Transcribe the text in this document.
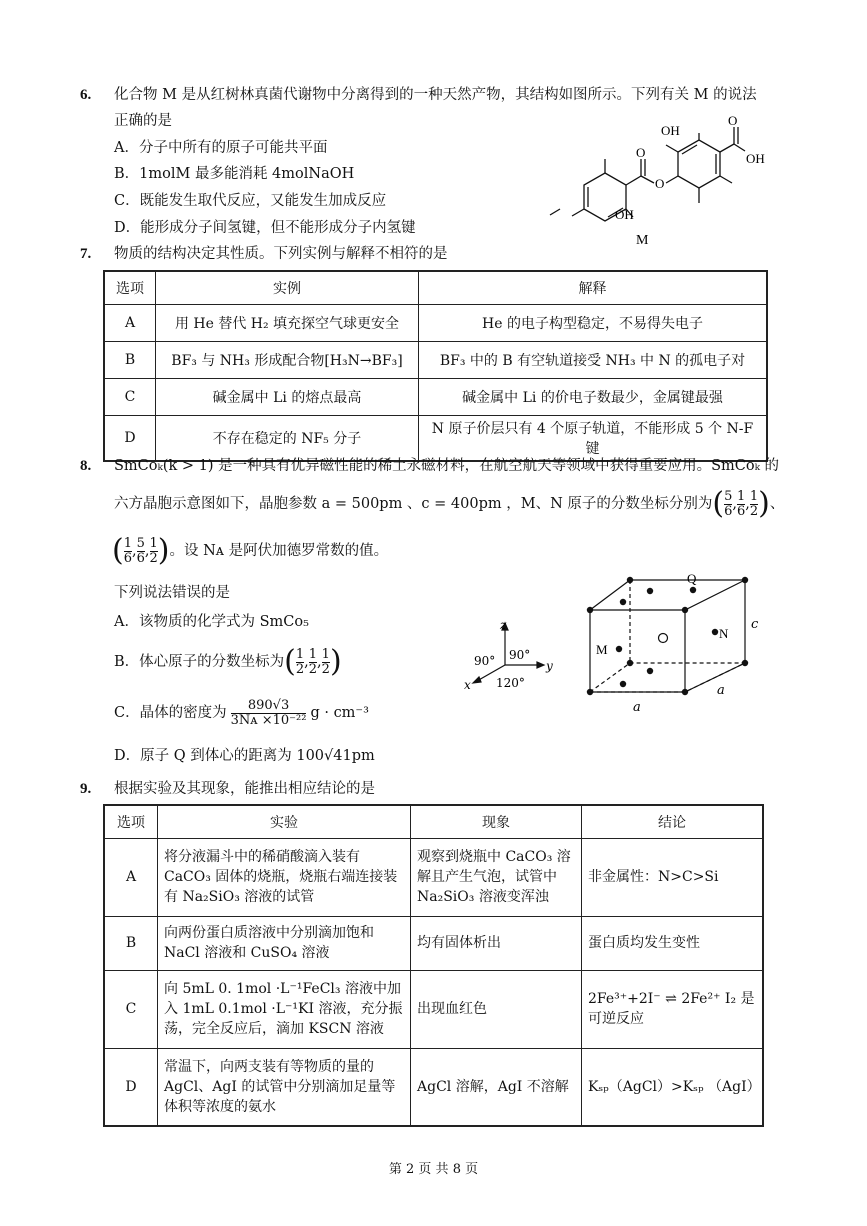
6. 化合物 M 是从红树林真菌代谢物中分离得到的一种天然产物，其结构如图所示。下列有关 M 的说法
正确的是
A．分子中所有的原子可能共平面
B．1molM 最多能消耗 4molNaOH
C．既能发生取代反应，又能发生加成反应
D．能形成分子间氢键，但不能形成分子内氢键
OH
O
OH
O
O
OH
M
7. 物质的结构决定其性质。下列实例与解释不相符的是
选项	实例	解释
A	用 He 替代 H₂ 填充探空气球更安全	He 的电子构型稳定，不易得失电子
B	BF₃ 与 NH₃ 形成配合物[H₃N→BF₃]	BF₃ 中的 B 有空轨道接受 NH₃ 中 N 的孤电子对
C	碱金属中 Li 的熔点最高	碱金属中 Li 的价电子数最少，金属键最强
D	不存在稳定的 NF₅ 分子	N 原子价层只有 4 个原子轨道，不能形成 5 个 N-F 键
8. SmCoₖ(k > 1) 是一种具有优异磁性能的稀土永磁材料，在航空航天等领域中获得重要应用。SmCoₖ 的
六方晶胞示意图如下，晶胞参数 a = 500pm 、c = 400pm ，M、N 原子的分数坐标分别为( $\frac{5}{6}$ , $\frac{1}{6}$ , $\frac{1}{2}$ )、
( $\frac{1}{6}$ , $\frac{5}{6}$ , $\frac{1}{2}$ )。设 Nᴀ 是阿伏加德罗常数的值。
下列说法错误的是
A．该物质的化学式为 SmCo₅
B．体心原子的分数坐标为( $\frac{1}{2}$ , $\frac{1}{2}$ , $\frac{1}{2}$ )
C．晶体的密度为 $\frac{890√3}{\text{3Nᴀ ×10⁻²²}}$ g · cm⁻³
D．原子 Q 到体心的距离为 100√41pm
z
y
x
90° 90°
120°
Q
M
N
a
a
c
9. 根据实验及其现象，能推出相应结论的是
选项	实验	现象	结论
A	将分液漏斗中的稀硝酸滴入装有 CaCO₃ 固体的烧瓶，烧瓶右端连接装有 Na₂SiO₃ 溶液的试管	观察到烧瓶中 CaCO₃ 溶解且产生气泡，试管中 Na₂SiO₃ 溶液变浑浊	非金属性：N>C>Si
B	向两份蛋白质溶液中分别滴加饱和 NaCl 溶液和 CuSO₄ 溶液	均有固体析出	蛋白质均发生变性
C	向 5mL 0. 1mol ·L⁻¹FeCl₃ 溶液中加入 1mL 0.1mol ·L⁻¹KI 溶液，充分振荡，完全反应后，滴加 KSCN 溶液	出现血红色	2Fe³⁺+2I⁻ ⇌ 2Fe²⁺ I₂ 是可逆反应
D	常温下，向两支装有等物质的量的 AgCl、AgI 的试管中分别滴加足量等体积等浓度的氨水	AgCl 溶解，AgI 不溶解	Kₛₚ（AgCl）>Kₛₚ （AgI）
第 2 页 共 8 页
